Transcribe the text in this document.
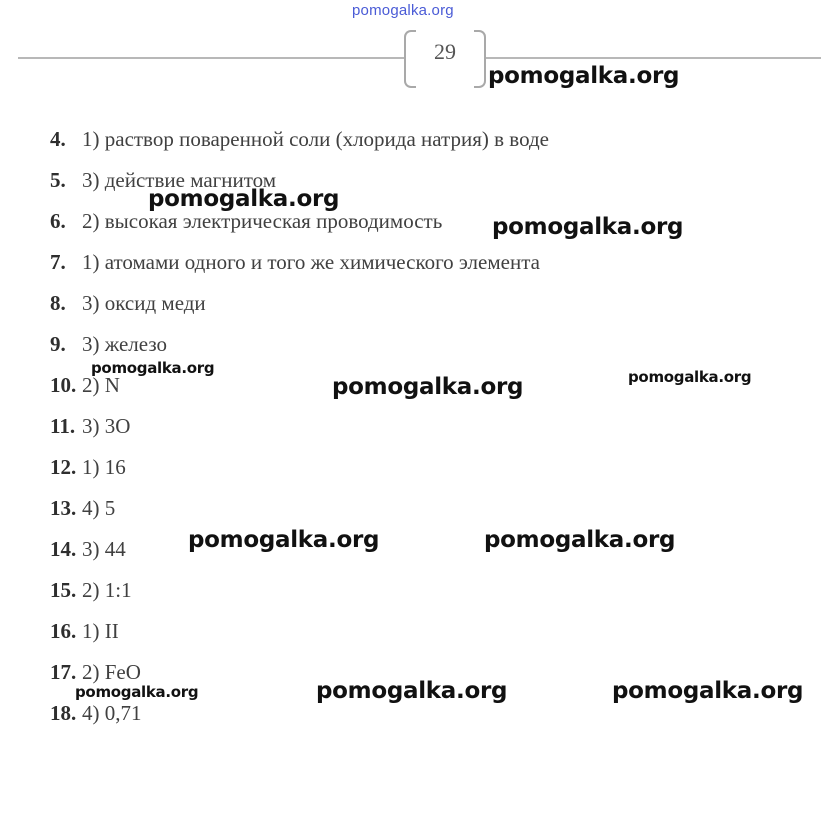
pomogalka.org
29
4. 1) раствор поваренной соли (хлорида натрия) в воде
5. 3) действие магнитом
6. 2) высокая электрическая проводимость
7. 1) атомами одного и того же химического элемента
8. 3) оксид меди
9. 3) железо
10. 2) N
11. 3) 3O
12. 1) 16
13. 4) 5
14. 3) 44
15. 2) 1:1
16. 1) II
17. 2) FeO
18. 4) 0,71
pomogalka.org
pomogalka.org
pomogalka.org
pomogalka.org
pomogalka.org	pomogalka.org
pomogalka.org	pomogalka.org
pomogalka.org	pomogalka.org	pomogalka.org
